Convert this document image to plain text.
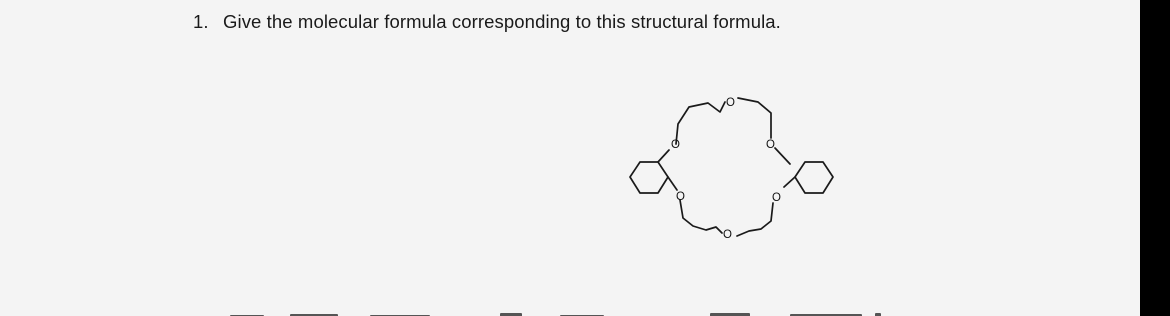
1. Give the molecular formula corresponding to this structural formula.
O
O
O
O
O
O
